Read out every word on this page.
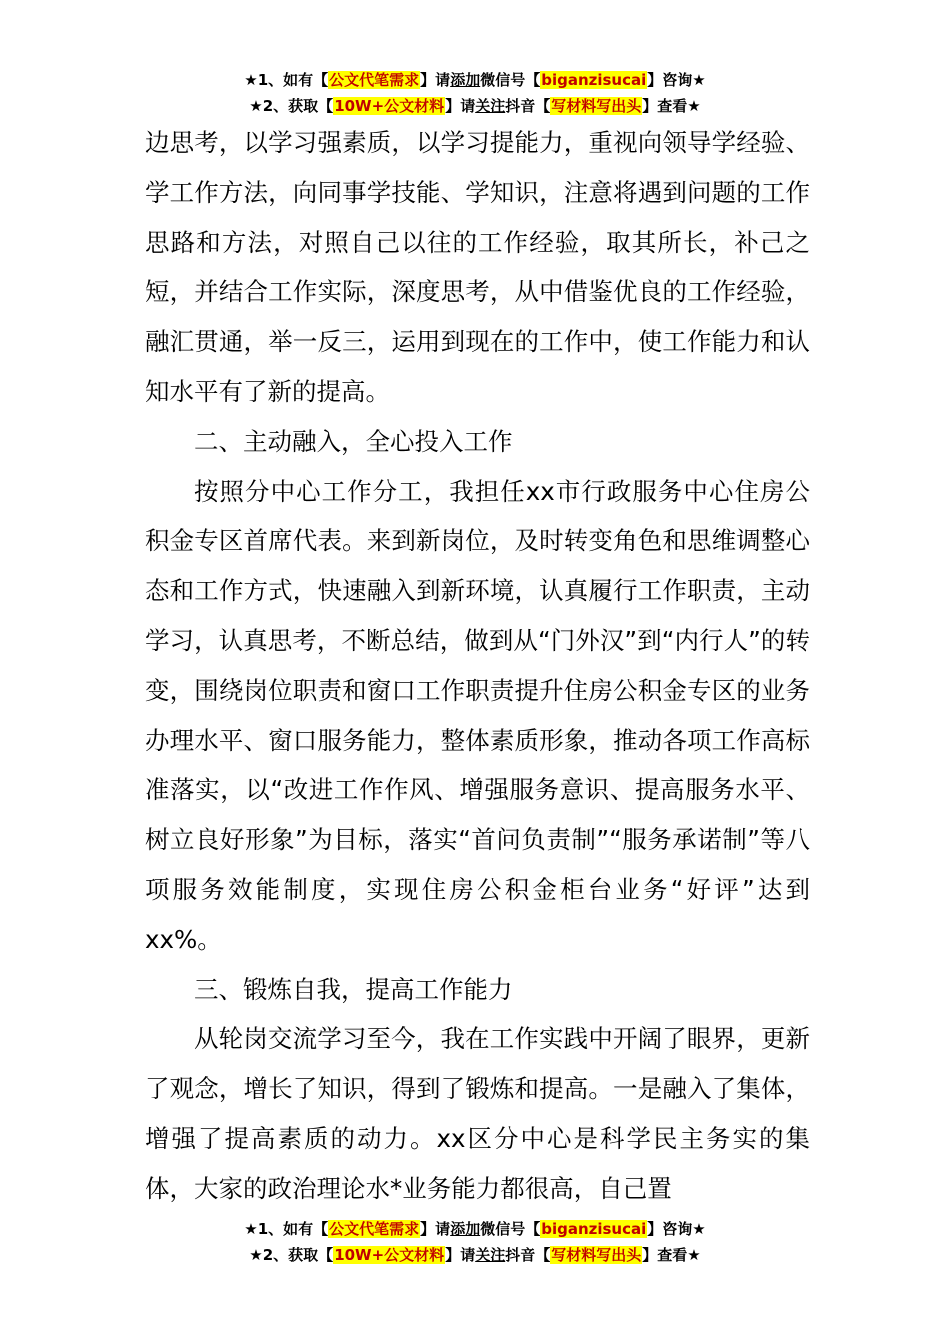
★1、如有【公文代笔需求】请添加微信号【biganzisucai】咨询★
★2、获取【10W+公文材料】请关注抖音【写材料写出头】查看★

边思考，以学习强素质，以学习提能力，重视向领导学经验、学工作方法，向同事学技能、学知识，注意将遇到问题的工作思路和方法，对照自己以往的工作经验，取其所长，补己之短，并结合工作实际，深度思考，从中借鉴优良的工作经验，融汇贯通，举一反三，运用到现在的工作中，使工作能力和认知水平有了新的提高。

二、主动融入，全心投入工作

按照分中心工作分工，我担任xx市行政服务中心住房公积金专区首席代表。来到新岗位，及时转变角色和思维调整心态和工作方式，快速融入到新环境，认真履行工作职责，主动学习，认真思考，不断总结，做到从“门外汉”到“内行人”的转变，围绕岗位职责和窗口工作职责提升住房公积金专区的业务办理水平、窗口服务能力，整体素质形象，推动各项工作高标准落实，以“改进工作作风、增强服务意识、提高服务水平、树立良好形象”为目标，落实“首问负责制”“服务承诺制”等八项服务效能制度，实现住房公积金柜台业务“好评”达到xx%。

三、锻炼自我，提高工作能力

从轮岗交流学习至今，我在工作实践中开阔了眼界，更新了观念，增长了知识，得到了锻炼和提高。一是融入了集体，增强了提高素质的动力。xx区分中心是科学民主务实的集体，大家的政治理论水*业务能力都很高，自己置

★1、如有【公文代笔需求】请添加微信号【biganzisucai】咨询★
★2、获取【10W+公文材料】请关注抖音【写材料写出头】查看★
